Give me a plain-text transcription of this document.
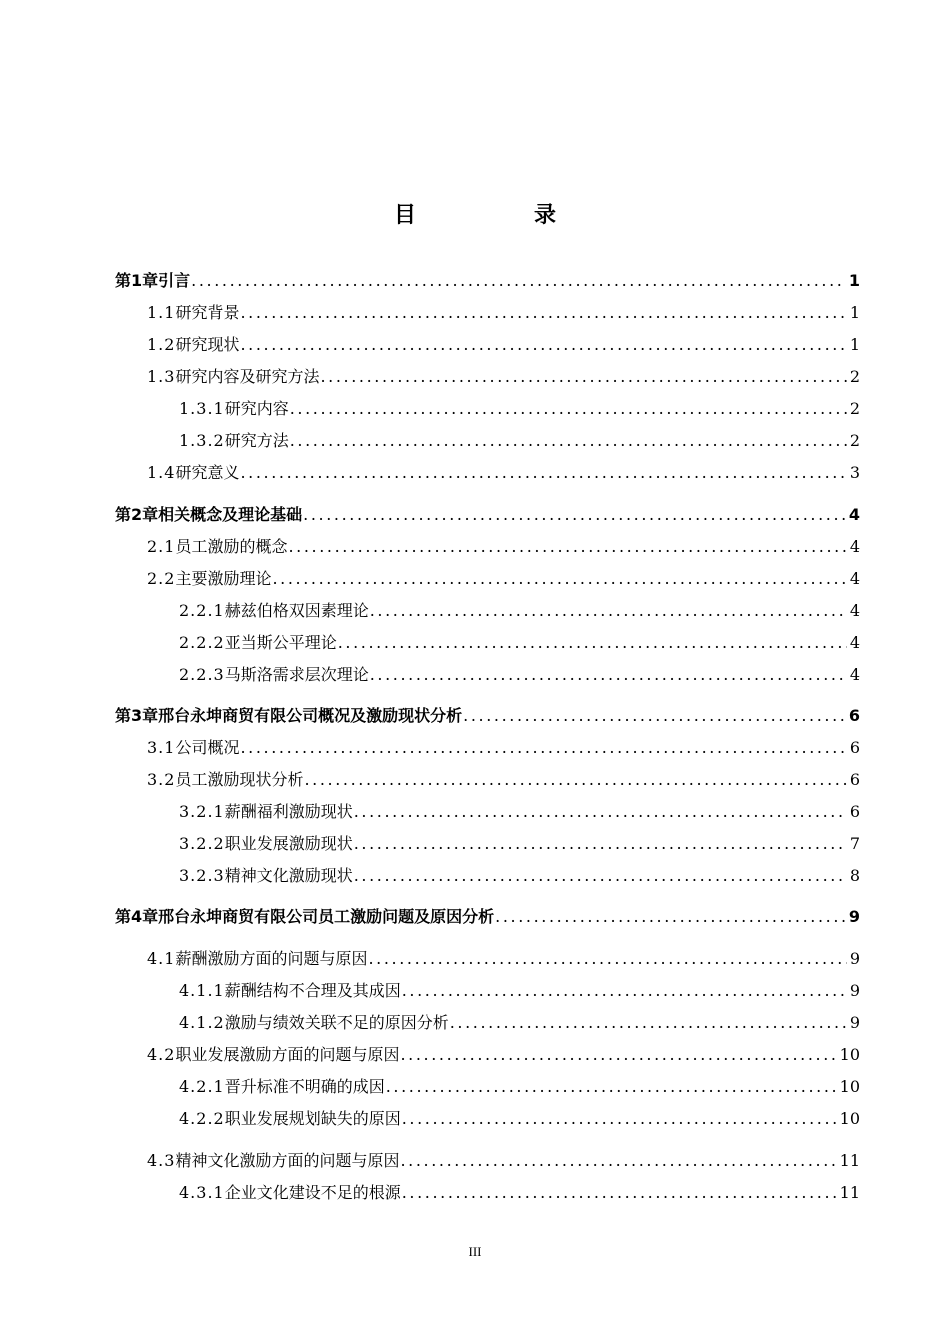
目　录
第1章 引言 .....	1
1.1 研究背景 .....	1
1.2 研究现状 .....	1
1.3 研究内容及研究方法 .....	2
1.3.1 研究内容 .....	2
1.3.2 研究方法 .....	2
1.4 研究意义 .....	3
第2章 相关概念及理论基础 .....	4
2.1 员工激励的概念 .....	4
2.2 主要激励理论 .....	4
2.2.1 赫兹伯格双因素理论 .....	4
2.2.2 亚当斯公平理论 .....	4
2.2.3 马斯洛需求层次理论 .....	4
第3章 邢台永坤商贸有限公司概况及激励现状分析 .....	6
3.1 公司概况 .....	6
3.2 员工激励现状分析 .....	6
3.2.1 薪酬福利激励现状 .....	6
3.2.2 职业发展激励现状 .....	7
3.2.3 精神文化激励现状 .....	8
第4章 邢台永坤商贸有限公司员工激励问题及原因分析 .....	9
4.1 薪酬激励方面的问题与原因 .....	9
4.1.1 薪酬结构不合理及其成因 .....	9
4.1.2 激励与绩效关联不足的原因分析 .....	9
4.2 职业发展激励方面的问题与原因 .....	10
4.2.1 晋升标准不明确的成因 .....	10
4.2.2 职业发展规划缺失的原因 .....	10
4.3 精神文化激励方面的问题与原因 .....	11
4.3.1 企业文化建设不足的根源 .....	11
III
